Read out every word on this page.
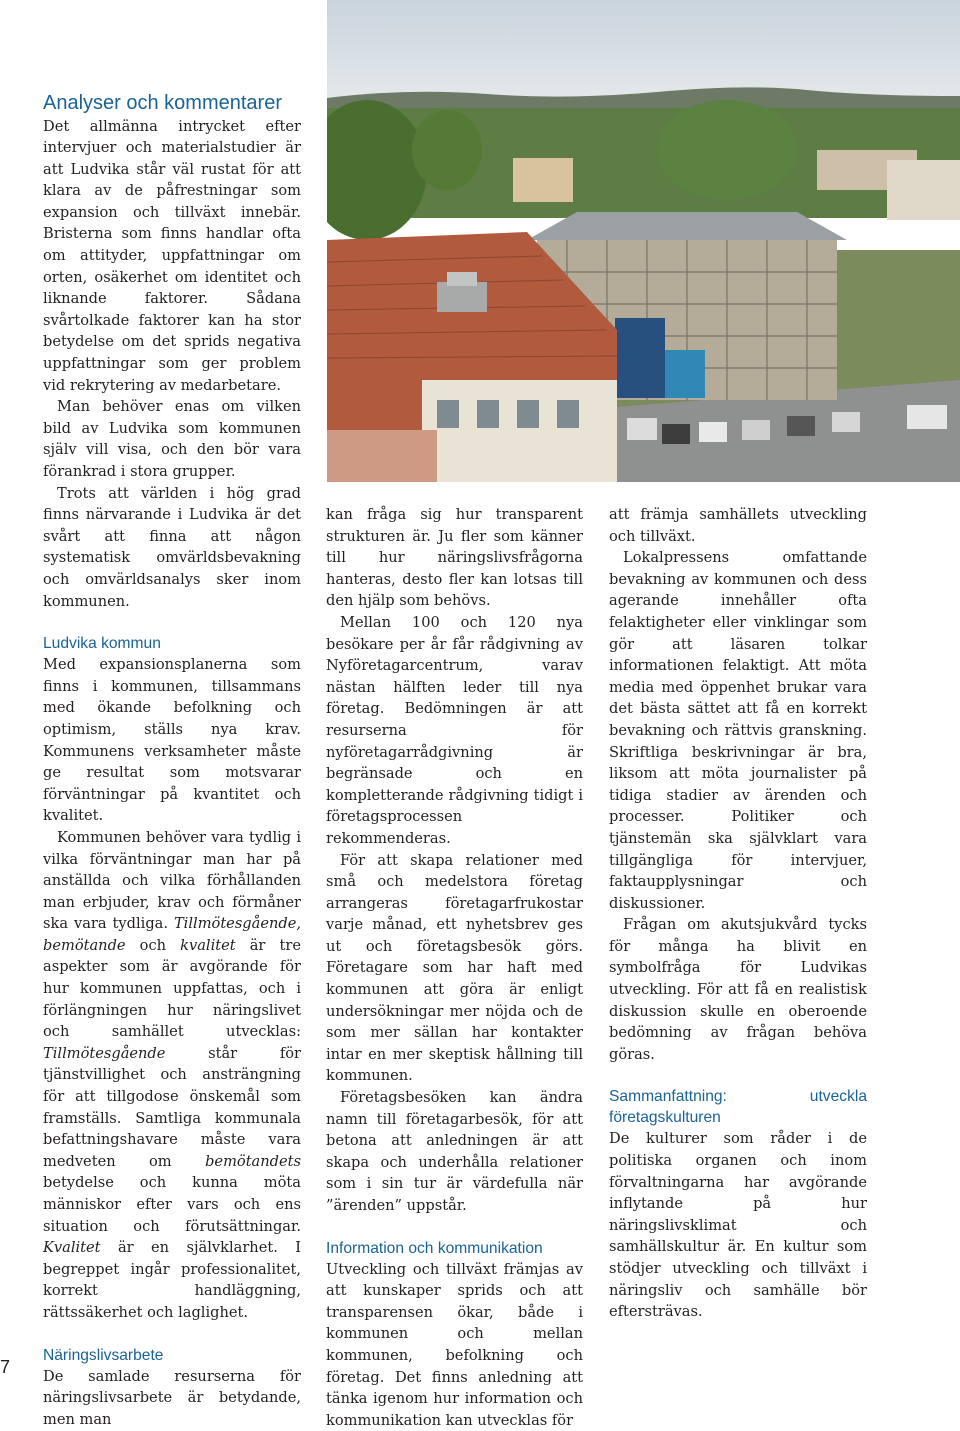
Analyser och kommentarer

Det allmänna intrycket efter intervjuer och materialstudier är att Ludvika står väl rustat för att klara av de påfrestningar som expansion och tillväxt innebär. Bristerna som finns handlar ofta om attityder, uppfattningar om orten, osäkerhet om identitet och liknande faktorer. Sådana svårtolkade faktorer kan ha stor betydelse om det sprids negativa uppfattningar som ger problem vid rekrytering av medarbetare.

Man behöver enas om vilken bild av Ludvika som kommunen själv vill visa, och den bör vara förankrad i stora grupper.

Trots att världen i hög grad finns närvarande i Ludvika är det svårt att finna att någon systematisk omvärldsbevakning och omvärldsanalys sker inom kommunen.

Ludvika kommun

Med expansionsplanerna som finns i kommunen, tillsammans med ökande befolkning och optimism, ställs nya krav. Kommunens verksamheter måste ge resultat som motsvarar förväntningar på kvantitet och kvalitet.

Kommunen behöver vara tydlig i vilka förväntningar man har på anställda och vilka förhållanden man erbjuder, krav och förmåner ska vara tydliga. Tillmötesgående, bemötande och kvalitet är tre aspekter som är avgörande för hur kommunen uppfattas, och i förlängningen hur näringslivet och samhället utvecklas: Tillmötesgående står för tjänstvillighet och ansträngning för att tillgodose önskemål som framställs. Samtliga kommunala befattningshavare måste vara medveten om bemötandets betydelse och kunna möta människor efter vars och ens situation och förutsättningar. Kvalitet är en självklarhet. I begreppet ingår professionalitet, korrekt handläggning, rättssäkerhet och laglighet.

Näringslivsarbete

De samlade resurserna för näringslivsarbete är betydande, men man

kan fråga sig hur transparent strukturen är. Ju fler som känner till hur näringslivsfrågorna hanteras, desto fler kan lotsas till den hjälp som behövs.

Mellan 100 och 120 nya besökare per år får rådgivning av Nyföretagarcentrum, varav nästan hälften leder till nya företag. Bedömningen är att resurserna för nyföretagarrådgivning är begränsade och en kompletterande rådgivning tidigt i företagsprocessen rekommenderas.

För att skapa relationer med små och medelstora företag arrangeras företagarfrukostar varje månad, ett nyhetsbrev ges ut och företagsbesök görs. Företagare som har haft med kommunen att göra är enligt undersökningar mer nöjda och de som mer sällan har kontakter intar en mer skeptisk hållning till kommunen.

Företagsbesöken kan ändra namn till företagarbesök, för att betona att anledningen är att skapa och underhålla relationer som i sin tur är värdefulla när ”ärenden” uppstår.

Information och kommunikation

Utveckling och tillväxt främjas av att kunskaper sprids och att transparensen ökar, både i kommunen och mellan kommunen, befolkning och företag. Det finns anledning att tänka igenom hur information och kommunikation kan utvecklas för

att främja samhällets utveckling och tillväxt.

Lokalpressens omfattande bevakning av kommunen och dess agerande innehåller ofta felaktigheter eller vinklingar som gör att läsaren tolkar informationen felaktigt. Att möta media med öppenhet brukar vara det bästa sättet att få en korrekt bevakning och rättvis granskning. Skriftliga beskrivningar är bra, liksom att möta journalister på tidiga stadier av ärenden och processer. Politiker och tjänstemän ska självklart vara tillgängliga för intervjuer, faktaupplysningar och diskussioner.

Frågan om akutsjukvård tycks för många ha blivit en symbolfråga för Ludvikas utveckling. För att få en realistisk diskussion skulle en oberoende bedömning av frågan behöva göras.

Sammanfattning: utveckla företagskulturen

De kulturer som råder i de politiska organen och inom förvaltningarna har avgörande inflytande på hur näringslivsklimat och samhällskultur är. En kultur som stödjer utveckling och tillväxt i näringsliv och samhälle bör eftersträvas.

7
